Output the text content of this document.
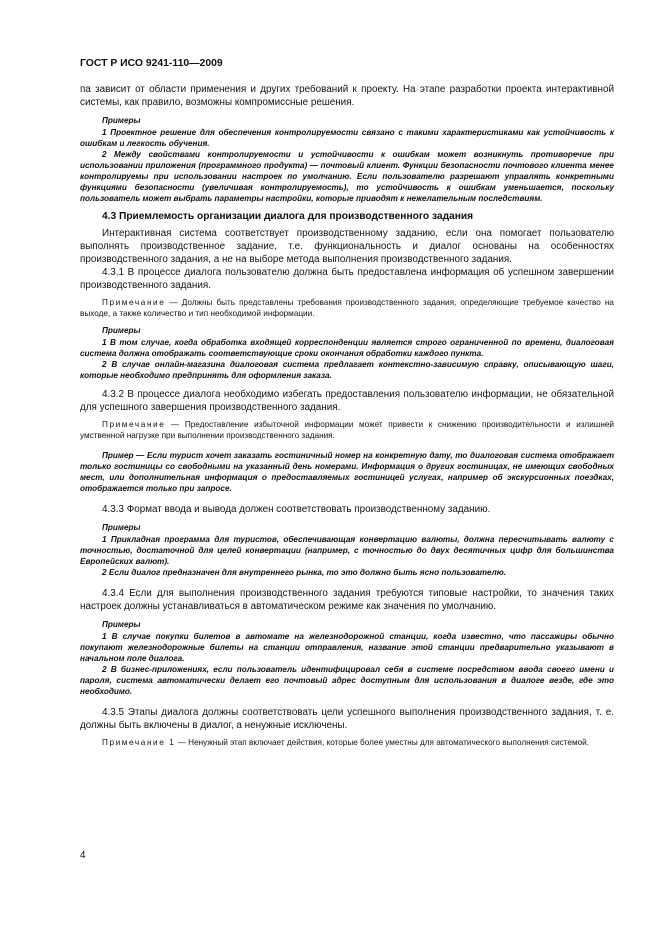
ГОСТ Р ИСО 9241-110—2009

па зависит от области применения и других требований к проекту. На этапе разработки проекта интерактивной системы, как правило, возможны компромиссные решения.

Примеры

1 Проектное решение для обеспечения контролируемости связано с такими характеристиками как устойчивость к ошибкам и легкость обучения.

2 Между свойствами контролируемости и устойчивости к ошибкам может возникнуть противоречие при использовании приложения (программного продукта) — почтовый клиент. Функции безопасности почтового клиента менее контролируемы при использовании настроек по умолчанию. Если пользователю разрешают управлять конкретными функциями безопасности (увеличивая контролируемость), то устойчивость к ошибкам уменьшается, поскольку пользователь может выбрать параметры настройки, которые приводят к нежелательным последствиям.

4.3 Приемлемость организации диалога для производственного задания

Интерактивная система соответствует производственному заданию, если она помогает пользователю выполнять производственное задание, т.е. функциональность и диалог основаны на особенностях производственного задания, а не на выборе метода выполнения производственного задания.

4.3.1 В процессе диалога пользователю должна быть предоставлена информация об успешном завершении производственного задания.

Примечание — Должны быть представлены требования производственного задания, определяющие требуемое качество на выходе, а также количество и тип необходимой информации.

Примеры

1 В том случае, когда обработка входящей корреспонденции является строго ограниченной по времени, диалоговая система должна отображать соответствующие сроки окончания обработки каждого пункта.

2 В случае онлайн-магазина диалоговая система предлагает контекстно-зависимую справку, описывающую шаги, которые необходимо предпринять для оформления заказа.

4.3.2 В процессе диалога необходимо избегать предоставления пользователю информации, не обязательной для успешного завершения производственного задания.

Примечание — Предоставление избыточной информации может привести к снижению производительности и излишней умственной нагрузке при выполнении производственного задания.

Пример — Если турист хочет заказать гостиничный номер на конкретную дату, то диалоговая система отображает только гостиницы со свободными на указанный день номерами. Информация о других гостиницах, не имеющих свободных мест, или дополнительная информация о предоставляемых гостиницей услугах, например об экскурсионных поездках, отображается только при запросе.

4.3.3 Формат ввода и вывода должен соответствовать производственному заданию.

Примеры

1 Прикладная программа для туристов, обеспечивающая конвертацию валюты, должна пересчитывать валюту с точностью, достаточной для целей конвертации (например, с точностью до двух десятичных цифр для большинства Европейских валют).

2 Если диалог предназначен для внутреннего рынка, то это должно быть ясно пользователю.

4.3.4 Если для выполнения производственного задания требуются типовые настройки, то значения таких настроек должны устанавливаться в автоматическом режиме как значения по умолчанию.

Примеры

1 В случае покупки билетов в автомате на железнодорожной станции, когда известно, что пассажиры обычно покупают железнодорожные билеты на станции отправления, название этой станции предварительно указывают в начальном поле диалога.

2 В бизнес-приложениях, если пользователь идентифицировал себя в системе посредством ввода своего имени и пароля, система автоматически делает его почтовый адрес доступным для использования в диалоге везде, где это необходимо.

4.3.5 Этапы диалога должны соответствовать цели успешного выполнения производственного задания, т. е. должны быть включены в диалог, а ненужные исключены.

Примечание 1 — Ненужный этап включает действия, которые более уместны для автоматического выполнения системой.

4
